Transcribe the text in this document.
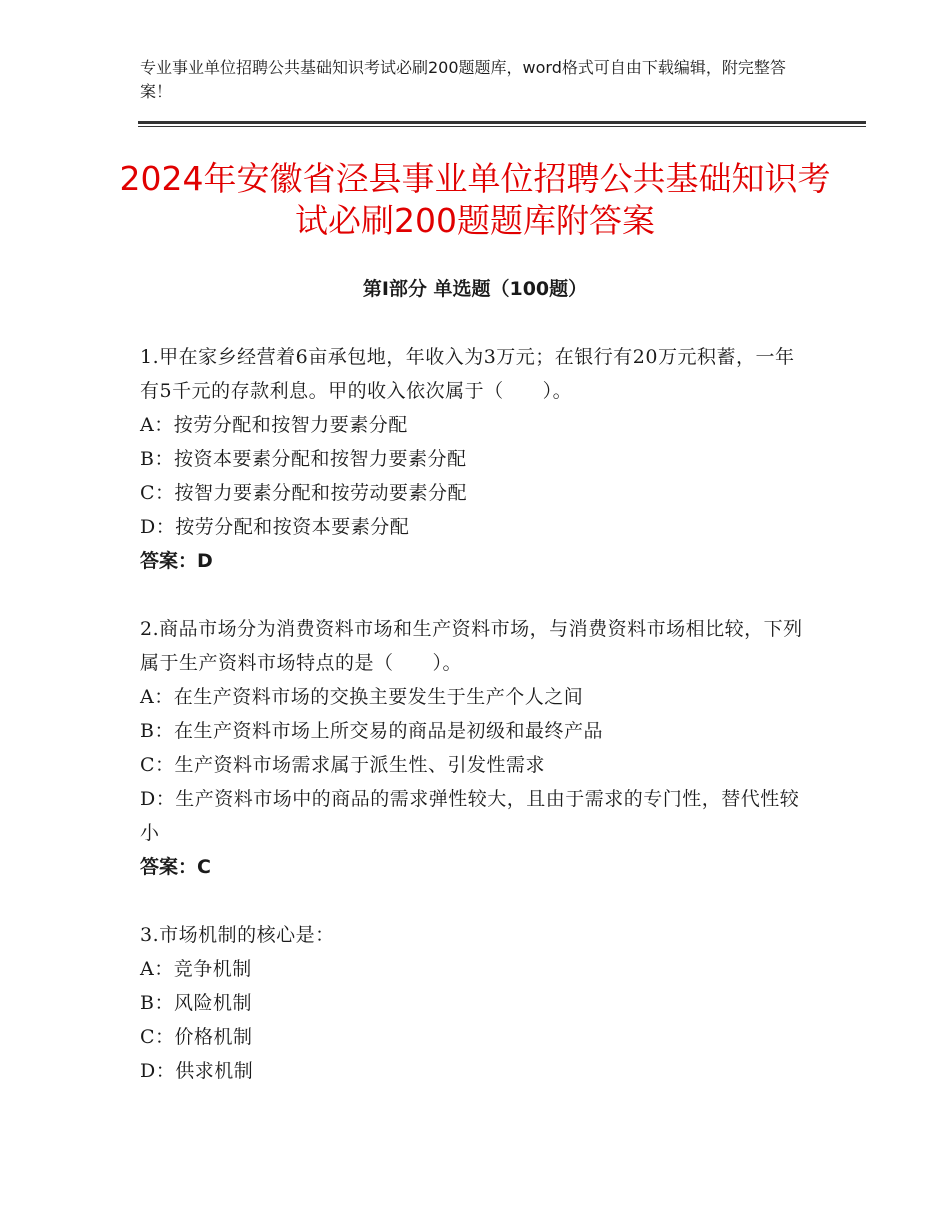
专业事业单位招聘公共基础知识考试必刷200题题库，word格式可自由下载编辑，附完整答案！
2024年安徽省泾县事业单位招聘公共基础知识考试必刷200题题库附答案
第Ⅰ部分 单选题（100题）

1.甲在家乡经营着6亩承包地，年收入为3万元；在银行有20万元积蓄，一年有5千元的存款利息。甲的收入依次属于（　　）。

A：按劳分配和按智力要素分配

B：按资本要素分配和按智力要素分配

C：按智力要素分配和按劳动要素分配

D：按劳分配和按资本要素分配

答案：D

2.商品市场分为消费资料市场和生产资料市场，与消费资料市场相比较，下列属于生产资料市场特点的是（　　）。

A：在生产资料市场的交换主要发生于生产个人之间

B：在生产资料市场上所交易的商品是初级和最终产品

C：生产资料市场需求属于派生性、引发性需求

D：生产资料市场中的商品的需求弹性较大，且由于需求的专门性，替代性较小

答案：C

3.市场机制的核心是：

A：竞争机制

B：风险机制

C：价格机制

D：供求机制
